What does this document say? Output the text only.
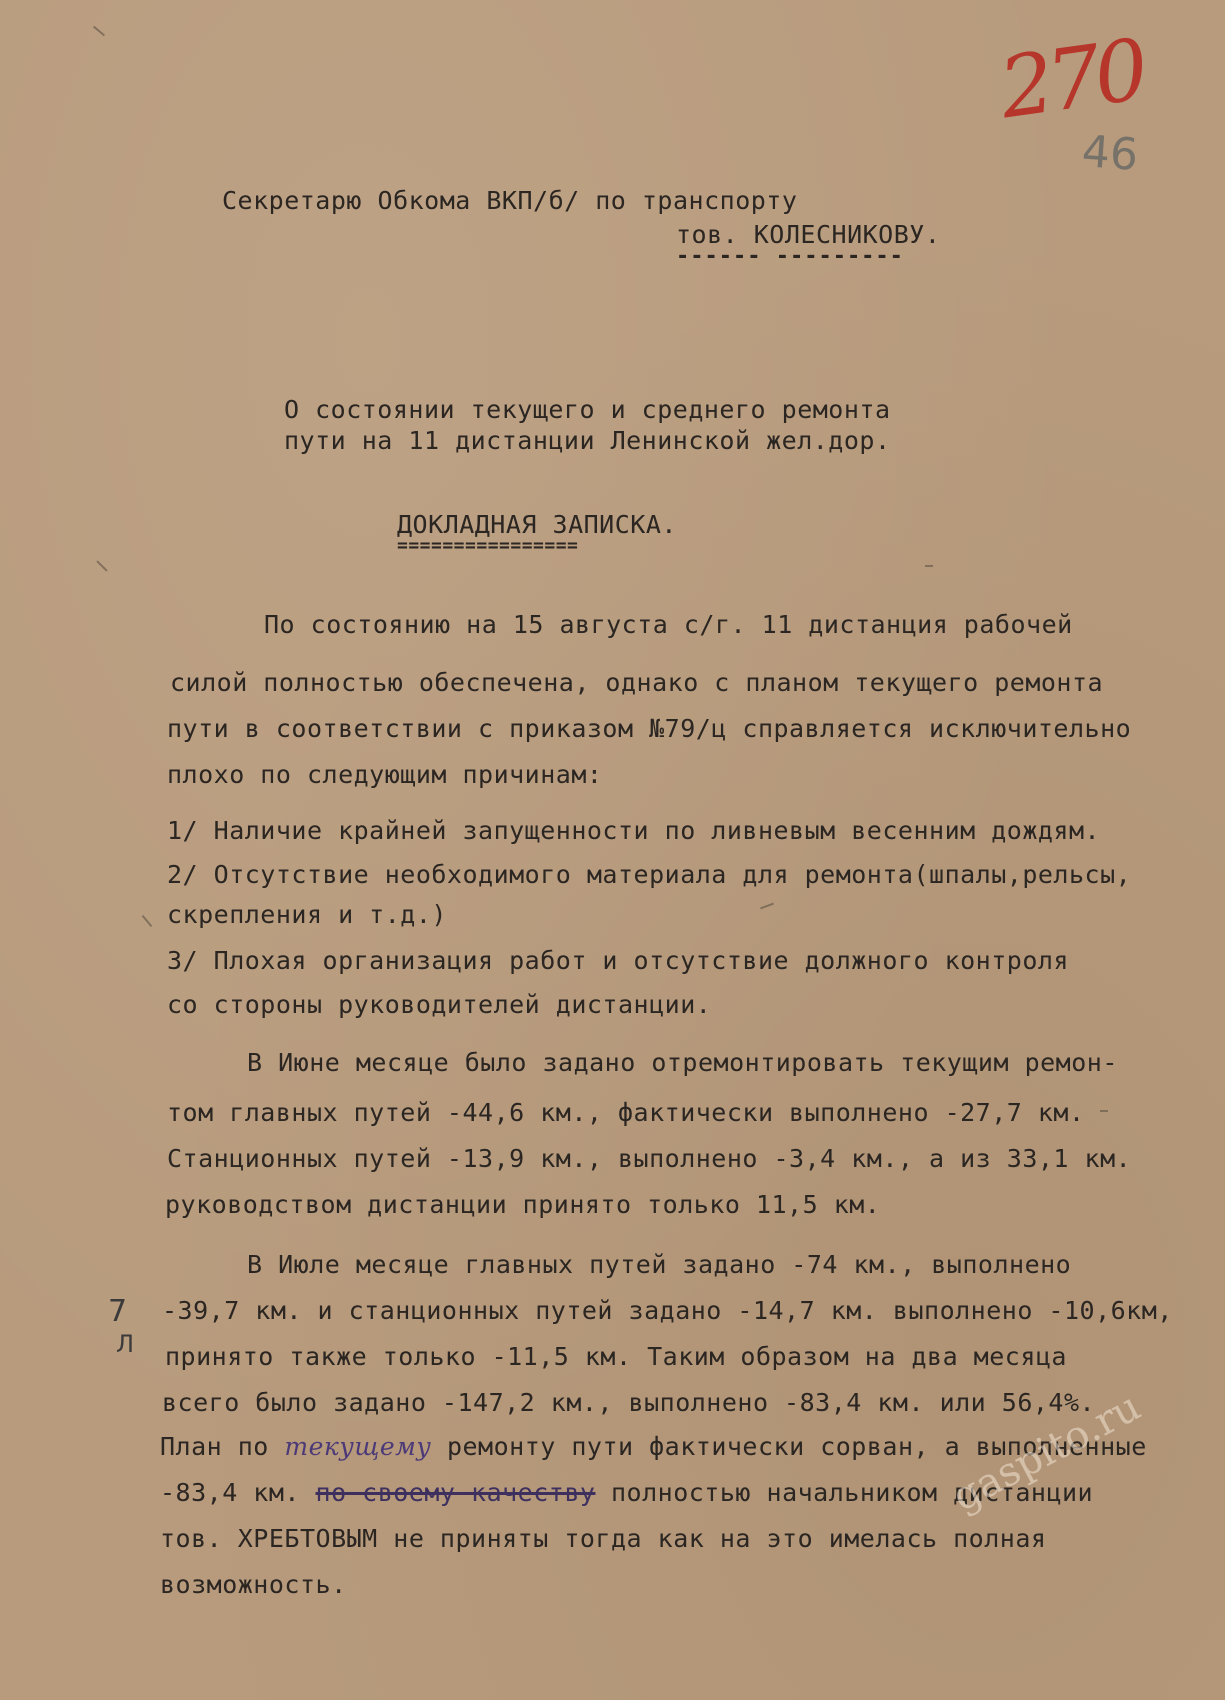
270
46
Секретарю Обкома ВКП/б/ по транспорту
тов. КОЛЕСНИКОВУ.
------ ---------
О состоянии текущего и среднего ремонта
пути на 11 дистанции Ленинской жел.дор.
ДОКЛАДНАЯ ЗАПИСКА.
================
По состоянию на 15 августа с/г. 11 дистанция рабочей
силой полностью обеспечена, однако с планом текущего ремонта
пути в соответствии с приказом №79/ц справляется исключительно
плохо по следующим причинам:
1/ Наличие крайней запущенности по ливневым весенним дождям.
2/ Отсутствие необходимого материала для ремонта(шпалы,рельсы,
скрепления и т.д.)
3/ Плохая организация работ и отсутствие должного контроля
со стороны руководителей дистанции.
В Июне месяце было задано отремонтировать текущим ремон-
том главных путей -44,6 км., фактически выполнено -27,7 км.
Станционных путей -13,9 км., выполнено -3,4 км., а из 33,1 км.
руководством дистанции принято только 11,5 км.
В Июле месяце главных путей задано -74 км., выполнено
-39,7 км. и станционных путей задано -14,7 км. выполнено -10,6км,
принято также только -11,5 км. Таким образом на два месяца
всего было задано -147,2 км., выполнено -83,4 км. или 56,4%.
План по текущему ремонту пути фактически сорван, а выполненные
-83,4 км. по своему качеству полностью начальником дистанции
тов. ХРЕБТОВЫМ не приняты тогда как на это имелась полная
возможность.
7
Л
gaspito.ru
